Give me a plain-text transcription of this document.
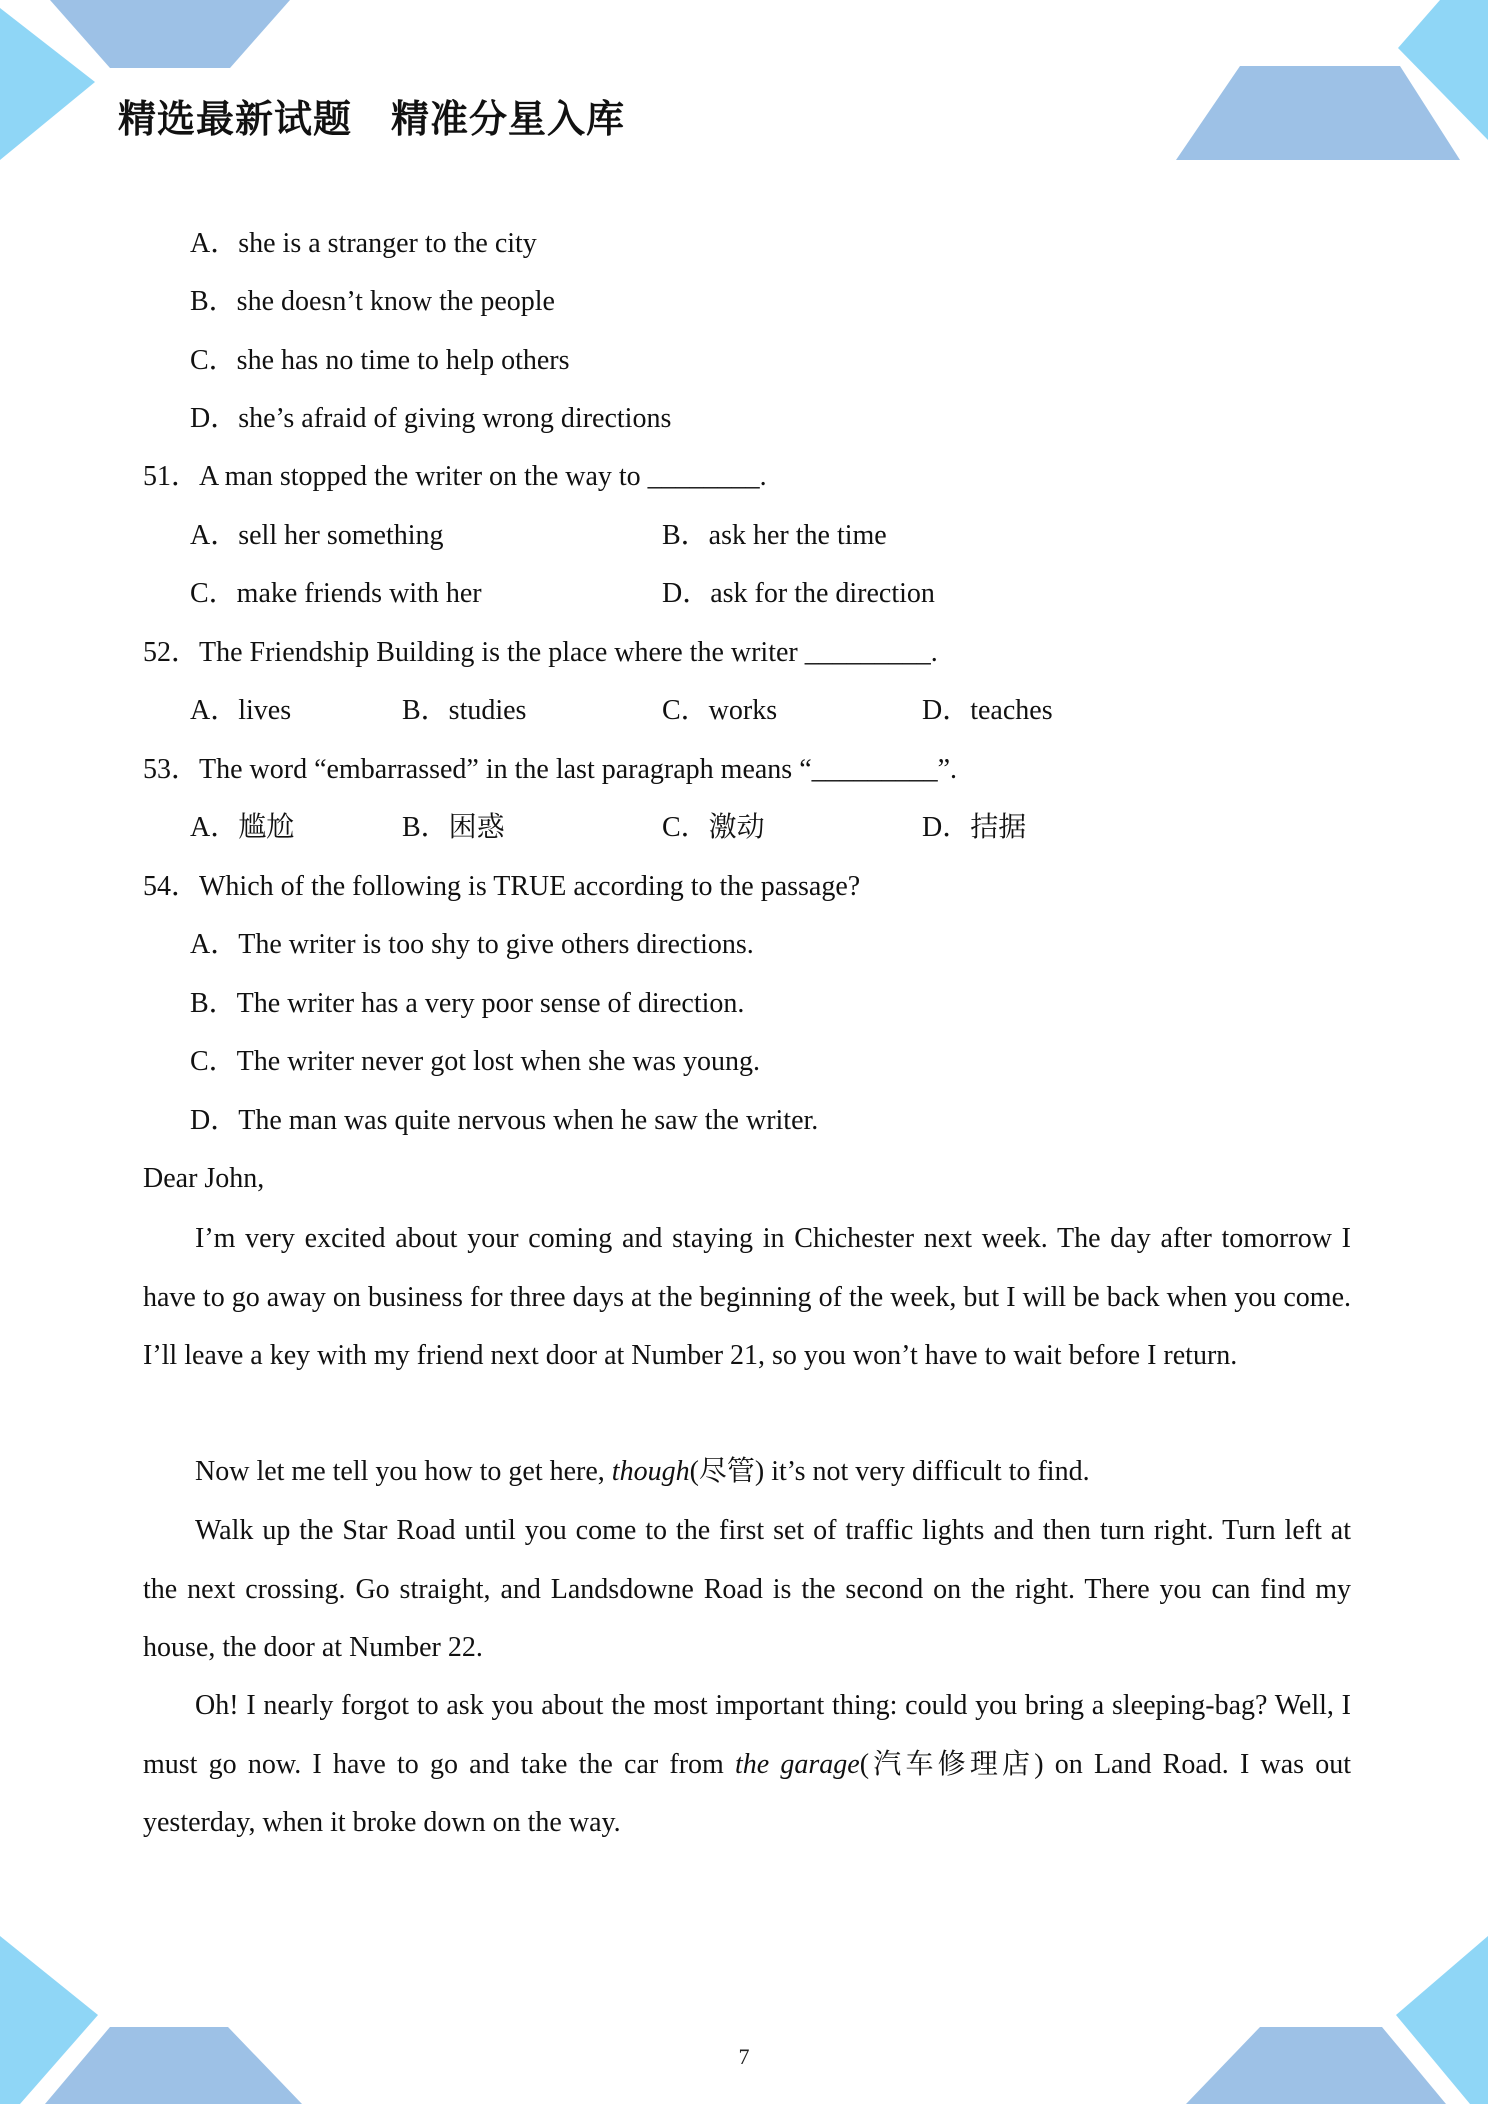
精选最新试题　精准分星入库
A．she is a stranger to the city
B．she doesn’t know the people
C．she has no time to help others
D．she’s afraid of giving wrong directions
51．A man stopped the writer on the way to ________.
A．sell her something	B．ask her the time
C．make friends with her	D．ask for the direction
52．The Friendship Building is the place where the writer _________.
A．lives	B．studies	C．works	D．teaches
53．The word “embarrassed” in the last paragraph means “_________”.
A．尴尬	B．困惑	C．激动	D．拮据
54．Which of the following is TRUE according to the passage?
A．The writer is too shy to give others directions.
B．The writer has a very poor sense of direction.
C．The writer never got lost when she was young.
D．The man was quite nervous when he saw the writer.
Dear John,
I’m very excited about your coming and staying in Chichester next week. The day after tomorrow I have to go away on business for three days at the beginning of the week, but I will be back when you come. I’ll leave a key with my friend next door at Number 21, so you won’t have to wait before I return.
Now let me tell you how to get here, though(尽管) it’s not very difficult to find.
Walk up the Star Road until you come to the first set of traffic lights and then turn right. Turn left at the next crossing. Go straight, and Landsdowne Road is the second on the right. There you can find my house, the door at Number 22.
Oh! I nearly forgot to ask you about the most important thing: could you bring a sleeping-bag? Well, I must go now. I have to go and take the car from the garage(汽车修理店) on Land Road. I was out yesterday, when it broke down on the way.
7
